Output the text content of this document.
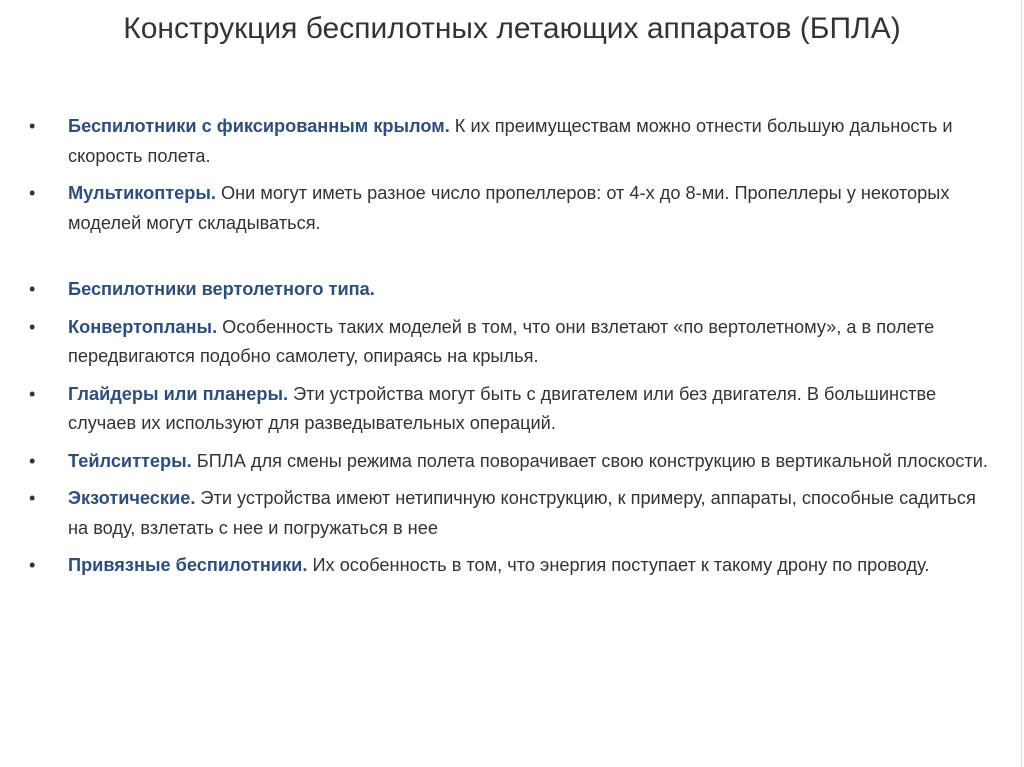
Конструкция беспилотных летающих аппаратов (БПЛА)
• Беспилотники с фиксированным крылом. К их преимуществам можно отнести большую дальность и скорость полета.
• Мультикоптеры. Они могут иметь разное число пропеллеров: от 4-х до 8-ми. Пропеллеры у некоторых моделей могут складываться.
• Беспилотники вертолетного типа.
• Конвертопланы. Особенность таких моделей в том, что они взлетают «по вертолетному», а в полете передвигаются подобно самолету, опираясь на крылья.
• Глайдеры или планеры. Эти устройства могут быть с двигателем или без двигателя. В большинстве случаев их используют для разведывательных операций.
• Тейлситтеры. БПЛА для смены режима полета поворачивает свою конструкцию в вертикальной плоскости.
• Экзотические. Эти устройства имеют нетипичную конструкцию, к примеру, аппараты, способные садиться на воду, взлетать с нее и погружаться в нее
• Привязные беспилотники. Их особенность в том, что энергия поступает к такому дрону по проводу.
